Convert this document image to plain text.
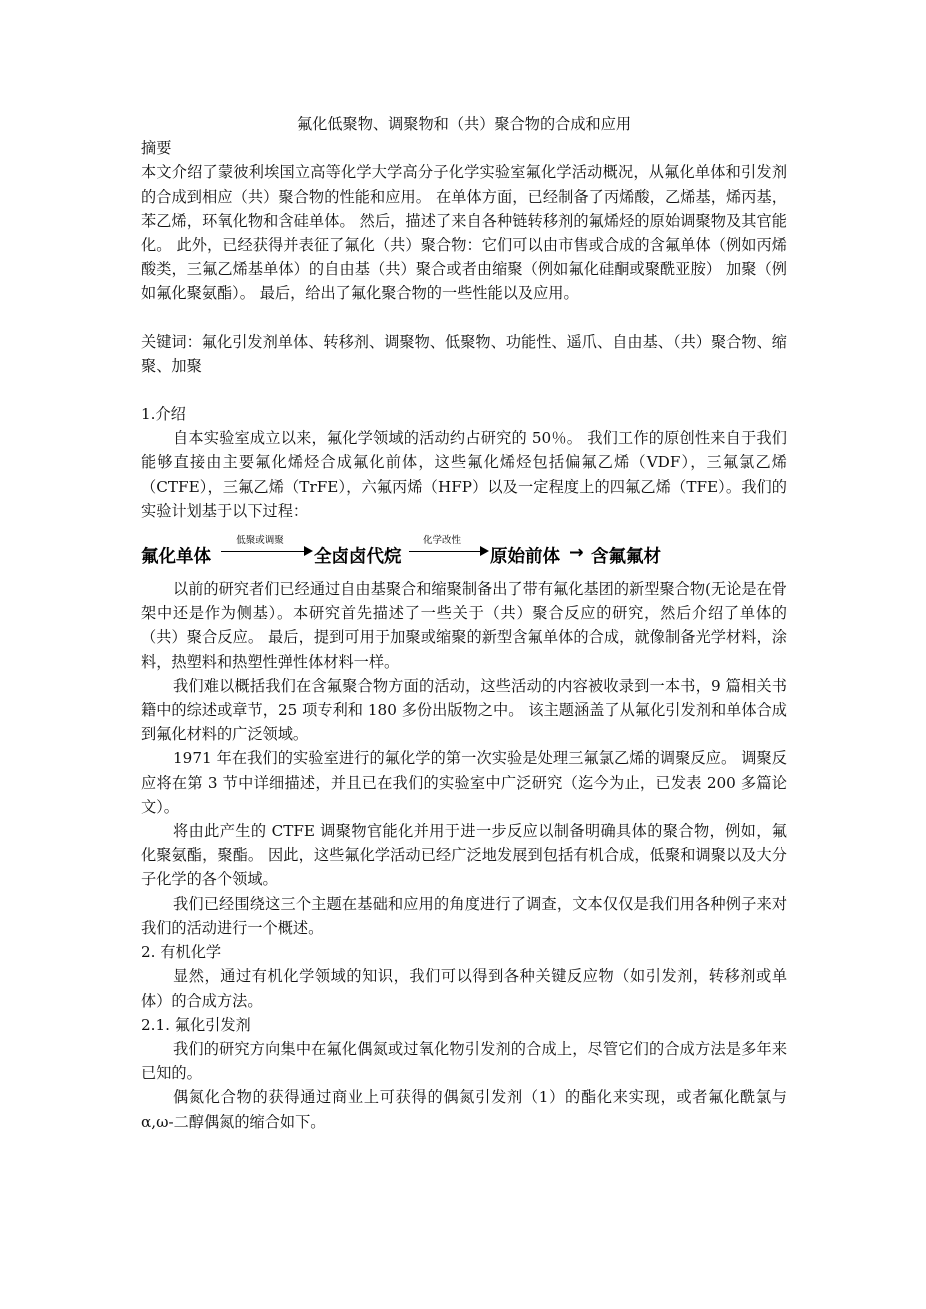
氟化低聚物、调聚物和（共）聚合物的合成和应用

摘要

本文介绍了蒙彼利埃国立高等化学大学高分子化学实验室氟化学活动概况，从氟化单体和引发剂的合成到相应（共）聚合物的性能和应用。 在单体方面，已经制备了丙烯酸，乙烯基，烯丙基，苯乙烯，环氧化物和含硅单体。 然后，描述了来自各种链转移剂的氟烯烃的原始调聚物及其官能化。 此外，已经获得并表征了氟化（共）聚合物：它们可以由市售或合成的含氟单体（例如丙烯酸类，三氟乙烯基单体）的自由基（共）聚合或者由缩聚（例如氟化硅酮或聚酰亚胺） 加聚（例如氟化聚氨酯）。 最后，给出了氟化聚合物的一些性能以及应用。

关键词：氟化引发剂单体、转移剂、调聚物、低聚物、功能性、遥爪、自由基、（共）聚合物、缩聚、加聚

1.介绍

自本实验室成立以来，氟化学领域的活动约占研究的 50％。 我们工作的原创性来自于我们能够直接由主要氟化烯烃合成氟化前体，这些氟化烯烃包括偏氟乙烯（VDF），三氟氯乙烯（CTFE），三氟乙烯（TrFE），六氟丙烯（HFP）以及一定程度上的四氟乙烯（TFE）。我们的实验计划基于以下过程：

氟化单体
低聚或调聚
全卤卤代烷
化学改性
原始前体 → 含氟氟材

以前的研究者们已经通过自由基聚合和缩聚制备出了带有氟化基团的新型聚合物(无论是在骨架中还是作为侧基）。本研究首先描述了一些关于（共）聚合反应的研究，然后介绍了单体的（共）聚合反应。 最后，提到可用于加聚或缩聚的新型含氟单体的合成，就像制备光学材料，涂料，热塑料和热塑性弹性体材料一样。

我们难以概括我们在含氟聚合物方面的活动，这些活动的内容被收录到一本书，9 篇相关书籍中的综述或章节，25 项专利和 180 多份出版物之中。 该主题涵盖了从氟化引发剂和单体合成到氟化材料的广泛领域。

1971 年在我们的实验室进行的氟化学的第一次实验是处理三氟氯乙烯的调聚反应。 调聚反应将在第 3 节中详细描述，并且已在我们的实验室中广泛研究（迄今为止，已发表 200 多篇论文）。

将由此产生的 CTFE 调聚物官能化并用于进一步反应以制备明确具体的聚合物，例如，氟化聚氨酯，聚酯。 因此，这些氟化学活动已经广泛地发展到包括有机合成，低聚和调聚以及大分子化学的各个领域。

我们已经围绕这三个主题在基础和应用的角度进行了调查，文本仅仅是我们用各种例子来对我们的活动进行一个概述。

2. 有机化学

显然，通过有机化学领域的知识，我们可以得到各种关键反应物（如引发剂，转移剂或单体）的合成方法。

2.1. 氟化引发剂

我们的研究方向集中在氟化偶氮或过氧化物引发剂的合成上，尽管它们的合成方法是多年来已知的。

偶氮化合物的获得通过商业上可获得的偶氮引发剂（1）的酯化来实现，或者氟化酰氯与α,ω-二醇偶氮的缩合如下。
